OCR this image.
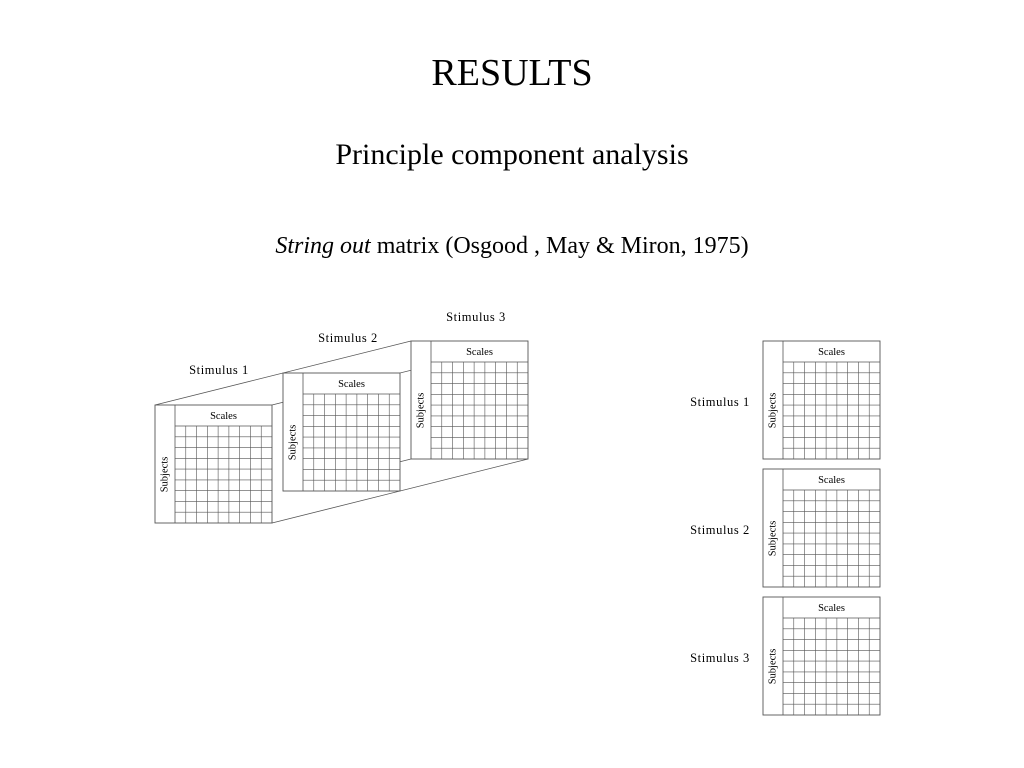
RESULTS
Principle component analysis
String out matrix (Osgood , May & Miron, 1975)
Scales
Subjects
Stimulus 1
Scales
Subjects
Stimulus 2
Scales
Subjects
Stimulus 3
Scales
Subjects
Stimulus 1
Scales
Subjects
Stimulus 2
Scales
Subjects
Stimulus 3
